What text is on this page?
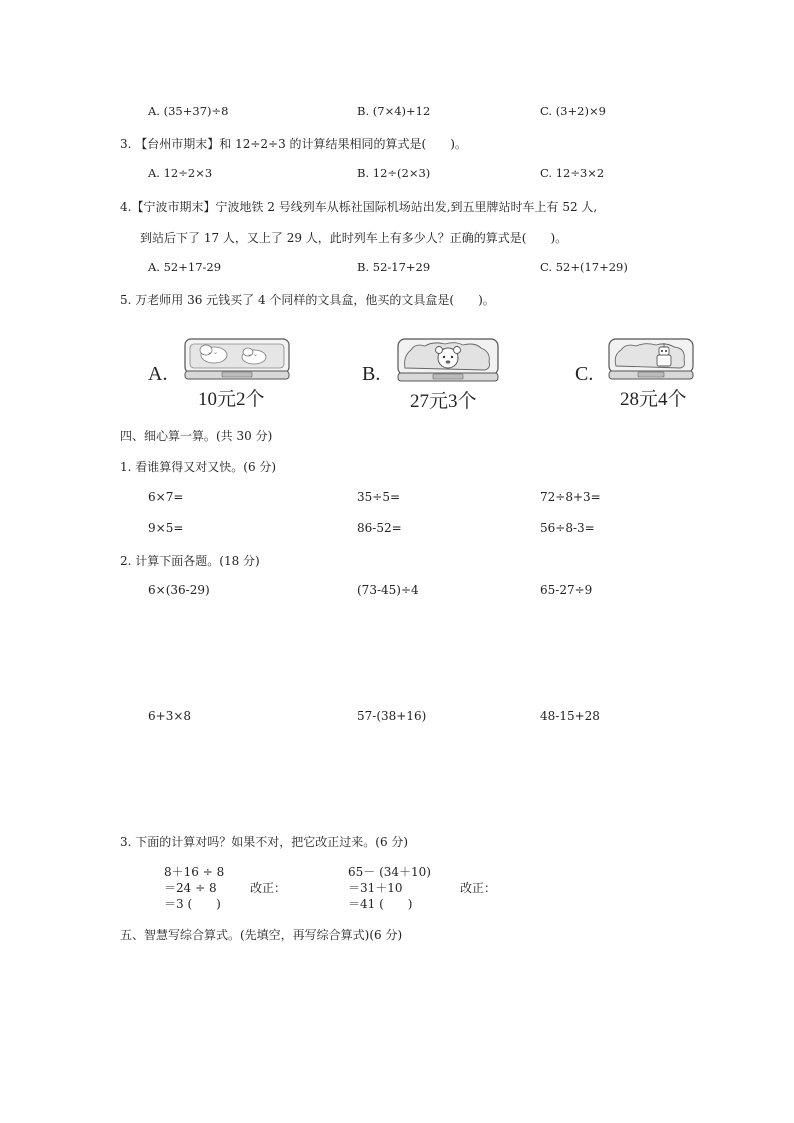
A. (35+37)÷8	B. (7×4)+12	C. (3+2)×9
3. 【台州市期末】和 12÷2÷3 的计算结果相同的算式是(　　)。
A. 12÷2×3	B. 12÷(2×3)	C. 12÷3×2
4.【宁波市期末】宁波地铁 2 号线列车从栎社国际机场站出发,到五里牌站时车上有 52 人,
到站后下了 17 人，又上了 29 人，此时列车上有多少人？正确的算式是(　　)。
A. 52+17-29	B. 52-17+29	C. 52+(17+29)
5. 万老师用 36 元钱买了 4 个同样的文具盒，他买的文具盒是(　　)。
A.
˘ ˘	˘ ˘
10元2个
B.
27元3个
C.
28元4个
四、细心算一算。(共 30 分)
1. 看谁算得又对又快。(6 分)
6×7=	35÷5=	72÷8+3=
9×5=	86-52=	56÷8-3=
2. 计算下面各题。(18 分)
6×(36-29)	(73-45)÷4	65-27÷9
6+3×8	57-(38+16)	48-15+28
3. 下面的计算对吗？如果不对，把它改正过来。(6 分)
8＋16 ÷ 8
＝24 ÷ 8
＝3 (　　)
改正：
65－ (34＋10)
＝31＋10
＝41 (　　)
改正：
五、智慧写综合算式。(先填空，再写综合算式)(6 分)
